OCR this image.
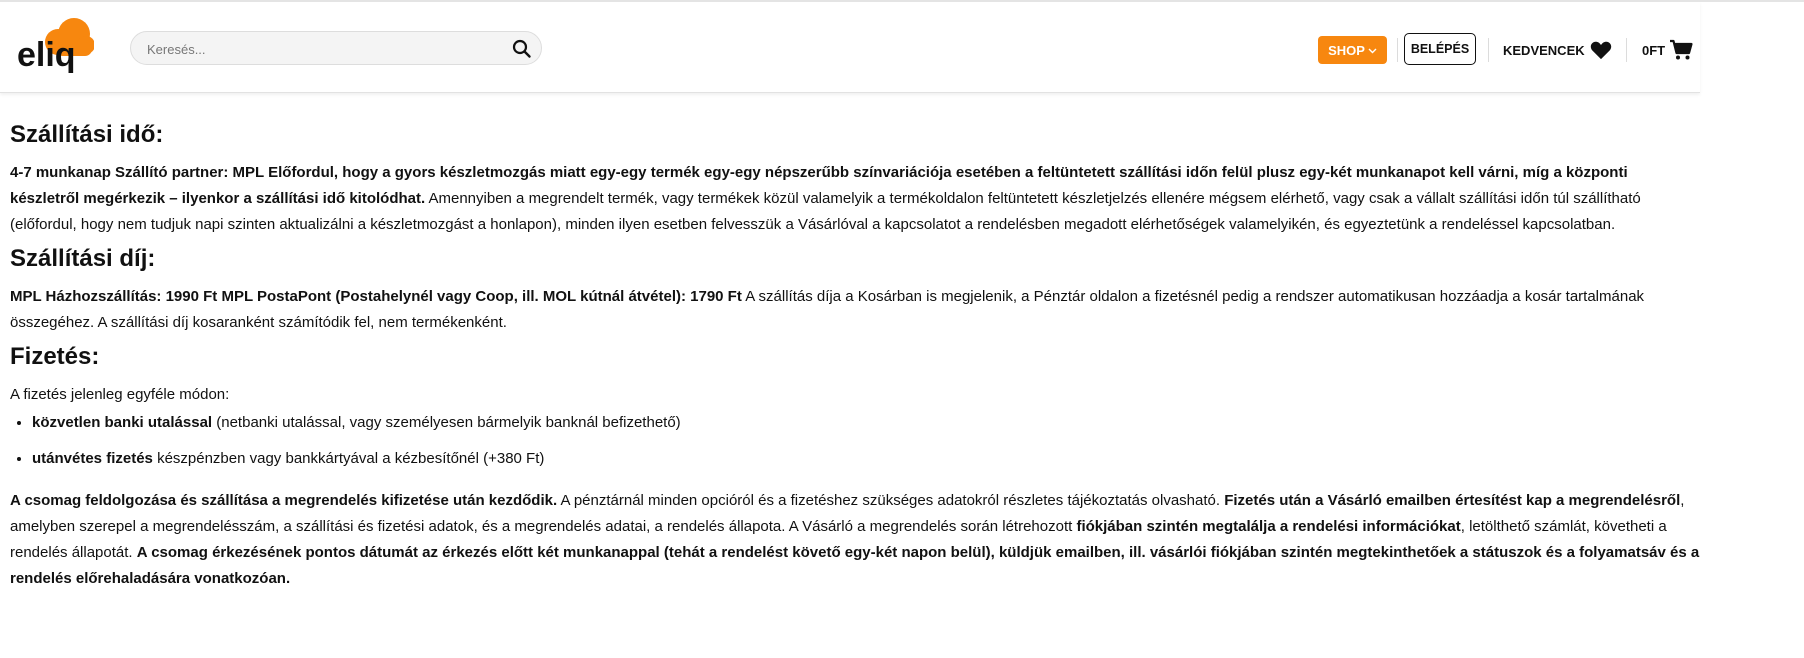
eliq
Keresés...	SHOP	BELÉPÉS	KEDVENCEK	0FT
Szállítási idő:

4-7 munkanap Szállító partner: MPL Előfordul, hogy a gyors készletmozgás miatt egy-egy termék egy-egy népszerűbb színvariációja esetében a feltüntetett szállítási időn felül plusz egy-két munkanapot kell várni, míg a központi készletről megérkezik – ilyenkor a szállítási idő kitolódhat. Amennyiben a megrendelt termék, vagy termékek közül valamelyik a termékoldalon feltüntetett készletjelzés ellenére mégsem elérhető, vagy csak a vállalt szállítási időn túl szállítható (előfordul, hogy nem tudjuk napi szinten aktualizálni a készletmozgást a honlapon), minden ilyen esetben felvesszük a Vásárlóval a kapcsolatot a rendelésben megadott elérhetőségek valamelyikén, és egyeztetünk a rendeléssel kapcsolatban.

Szállítási díj:

MPL Házhozszállítás: 1990 Ft MPL PostaPont (Postahelynél vagy Coop, ill. MOL kútnál átvétel): 1790 Ft A szállítás díja a Kosárban is megjelenik, a Pénztár oldalon a fizetésnél pedig a rendszer automatikusan hozzáadja a kosár tartalmának összegéhez. A szállítási díj kosaranként számítódik fel, nem termékenként.

Fizetés:

A fizetés jelenleg egyféle módon:

• közvetlen banki utalással (netbanki utalással, vagy személyesen bármelyik banknál befizethető)
• utánvétes fizetés készpénzben vagy bankkártyával a kézbesítőnél (+380 Ft)

A csomag feldolgozása és szállítása a megrendelés kifizetése után kezdődik. A pénztárnál minden opcióról és a fizetéshez szükséges adatokról részletes tájékoztatás olvasható. Fizetés után a Vásárló emailben értesítést kap a megrendelésről, amelyben szerepel a megrendelésszám, a szállítási és fizetési adatok, és a megrendelés adatai, a rendelés állapota. A Vásárló a megrendelés során létrehozott fiókjában szintén megtalálja a rendelési információkat, letölthető számlát, követheti a rendelés állapotát. A csomag érkezésének pontos dátumát az érkezés előtt két munkanappal (tehát a rendelést követő egy-két napon belül), küldjük emailben, ill. vásárlói fiókjában szintén megtekinthetőek a státuszok és a folyamatsáv és a rendelés előrehaladására vonatkozóan.
